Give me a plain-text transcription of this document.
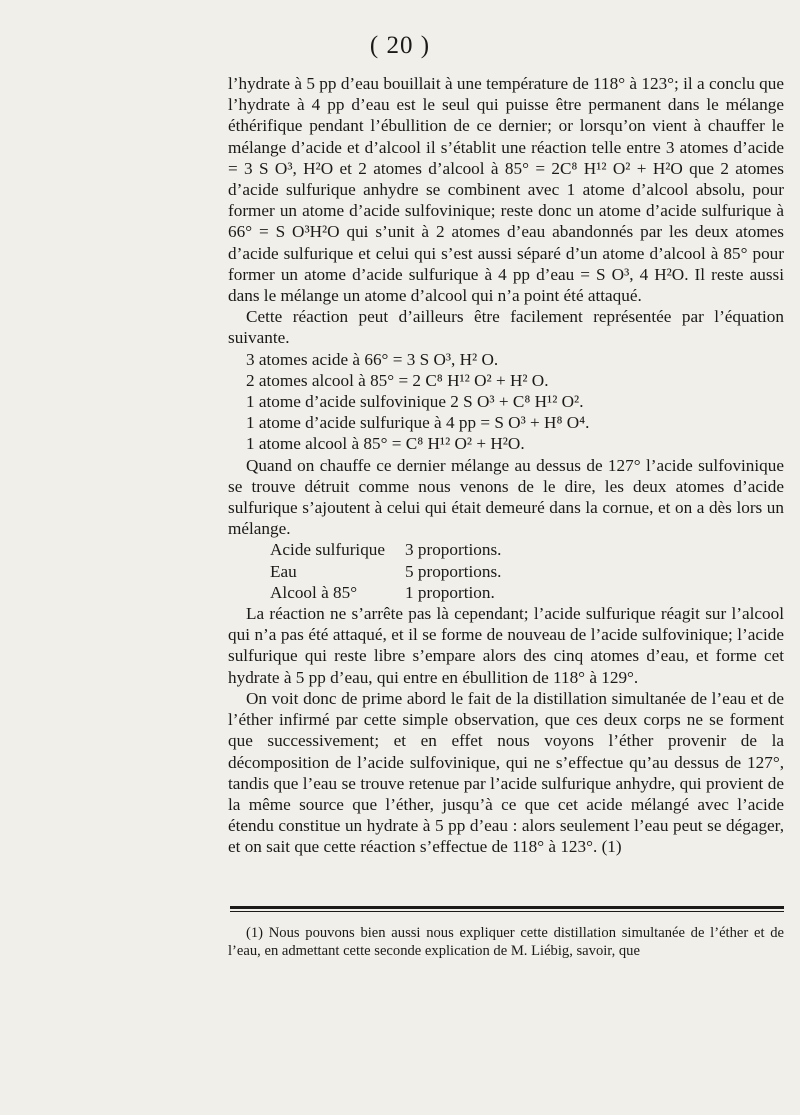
( 20 )

l’hydrate à 5 pp d’eau bouillait à une température de 118° à 123°; il a conclu que l’hydrate à 4 pp d’eau est le seul qui puisse être permanent dans le mélange éthérifique pendant l’ébullition de ce dernier; or lorsqu’on vient à chauffer le mélange d’acide et d’alcool il s’établit une réaction telle entre 3 atomes d’acide = 3 S O³, H²O et 2 atomes d’alcool à 85° = 2C⁸ H¹² O² + H²O que 2 atomes d’acide sulfurique anhydre se combinent avec 1 atome d’alcool absolu, pour former un atome d’acide sulfovinique; reste donc un atome d’acide sulfurique à 66° = S O³H²O qui s’unit à 2 atomes d’eau abandonnés par les deux atomes d’acide sulfurique et celui qui s’est aussi séparé d’un atome d’alcool à 85° pour former un atome d’acide sulfurique à 4 pp d’eau = S O³, 4 H²O. Il reste aussi dans le mélange un atome d’alcool qui n’a point été attaqué.

Cette réaction peut d’ailleurs être facilement représentée par l’équation suivante.

3 atomes acide à 66° = 3 S O³, H² O.
2 atomes alcool à 85° = 2 C⁸ H¹² O² + H² O.
1 atome d’acide sulfovinique 2 S O³ + C⁸ H¹² O².
1 atome d’acide sulfurique à 4 pp = S O³ + H⁸ O⁴.
1 atome alcool à 85° = C⁸ H¹² O² + H²O.

Quand on chauffe ce dernier mélange au dessus de 127° l’acide sulfovinique se trouve détruit comme nous venons de le dire, les deux atomes d’acide sulfurique s’ajoutent à celui qui était demeuré dans la cornue, et on a dès lors un mélange.

Acide sulfurique	3 proportions.
Eau	5 proportions.
Alcool à 85°	1 proportion.

La réaction ne s’arrête pas là cependant; l’acide sulfurique réagit sur l’alcool qui n’a pas été attaqué, et il se forme de nouveau de l’acide sulfovinique; l’acide sulfurique qui reste libre s’empare alors des cinq atomes d’eau, et forme cet hydrate à 5 pp d’eau, qui entre en ébullition de 118° à 129°.

On voit donc de prime abord le fait de la distillation simultanée de l’eau et de l’éther infirmé par cette simple observation, que ces deux corps ne se forment que successivement; et en effet nous voyons l’éther provenir de la décomposition de l’acide sulfovinique, qui ne s’effectue qu’au dessus de 127°, tandis que l’eau se trouve retenue par l’acide sulfurique anhydre, qui provient de la même source que l’éther, jusqu’à ce que cet acide mélangé avec l’acide étendu constitue un hydrate à 5 pp d’eau : alors seulement l’eau peut se dégager, et on sait que cette réaction s’effectue de 118° à 123°. (1)

(1) Nous pouvons bien aussi nous expliquer cette distillation simultanée de l’éther et de l’eau, en admettant cette seconde explication de M. Liébig, savoir, que
